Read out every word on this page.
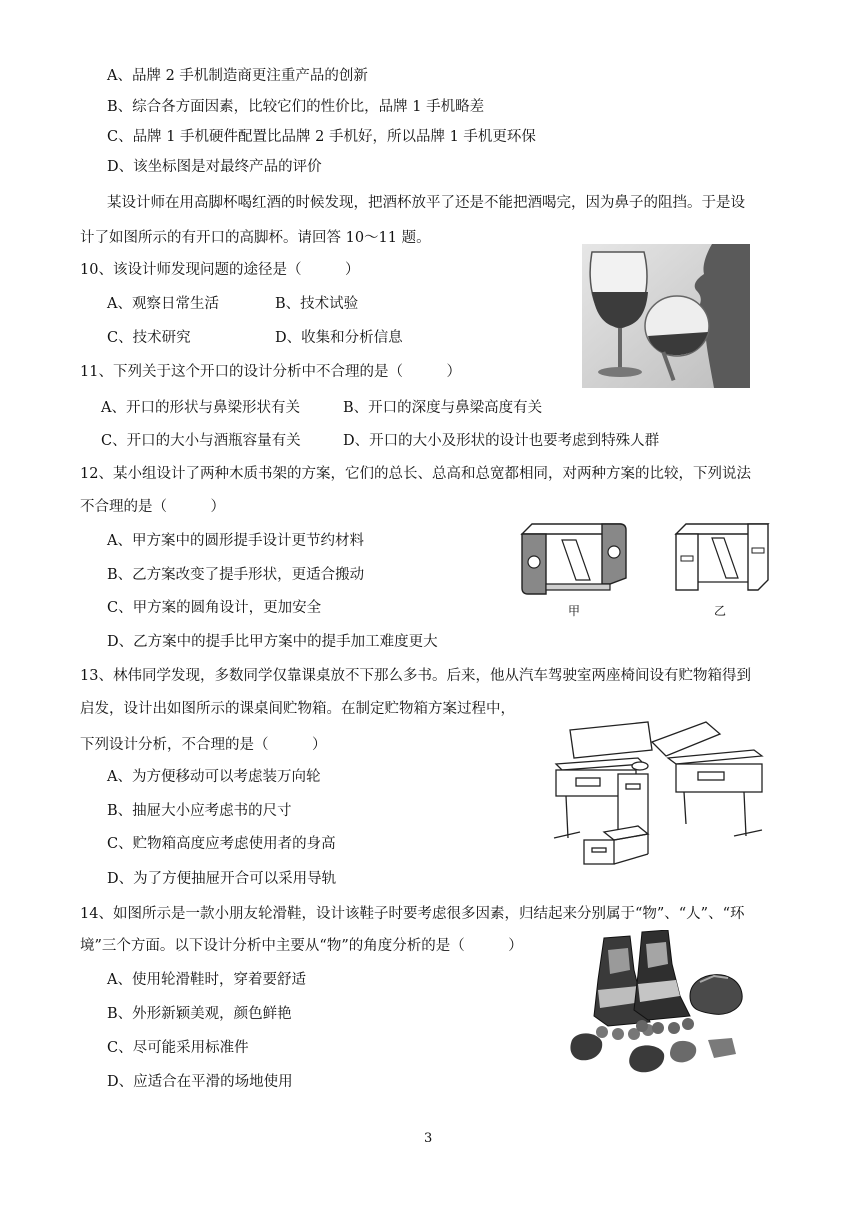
A、品牌 2 手机制造商更注重产品的创新
B、综合各方面因素，比较它们的性价比，品牌 1 手机略差
C、品牌 1 手机硬件配置比品牌 2 手机好，所以品牌 1 手机更环保
D、该坐标图是对最终产品的评价
某设计师在用高脚杯喝红酒的时候发现，把酒杯放平了还是不能把酒喝完，因为鼻子的阻挡。于是设
计了如图所示的有开口的高脚杯。请回答 10～11 题。
10、该设计师发现问题的途径是（　　　）
A、观察日常生活	B、技术试验
C、技术研究	D、收集和分析信息
11、下列关于这个开口的设计分析中不合理的是（　　　）
A、开口的形状与鼻梁形状有关	B、开口的深度与鼻梁高度有关
C、开口的大小与酒瓶容量有关	D、开口的大小及形状的设计也要考虑到特殊人群
12、某小组设计了两种木质书架的方案，它们的总长、总高和总宽都相同，对两种方案的比较，下列说法
不合理的是（　　　）
A、甲方案中的圆形提手设计更节约材料
B、乙方案改变了提手形状，更适合搬动
C、甲方案的圆角设计，更加安全
D、乙方案中的提手比甲方案中的提手加工难度更大
甲	乙
13、林伟同学发现，多数同学仅靠课桌放不下那么多书。后来，他从汽车驾驶室两座椅间设有贮物箱得到
启发，设计出如图所示的课桌间贮物箱。在制定贮物箱方案过程中，
下列设计分析，不合理的是（　　　）
A、为方便移动可以考虑装万向轮
B、抽屉大小应考虑书的尺寸
C、贮物箱高度应考虑使用者的身高
D、为了方便抽屉开合可以采用导轨
14、如图所示是一款小朋友轮滑鞋，设计该鞋子时要考虑很多因素，归结起来分别属于“物”、“人”、“环
境”三个方面。以下设计分析中主要从“物”的角度分析的是（　　　）
A、使用轮滑鞋时，穿着要舒适
B、外形新颖美观，颜色鲜艳
C、尽可能采用标准件
D、应适合在平滑的场地使用
3
